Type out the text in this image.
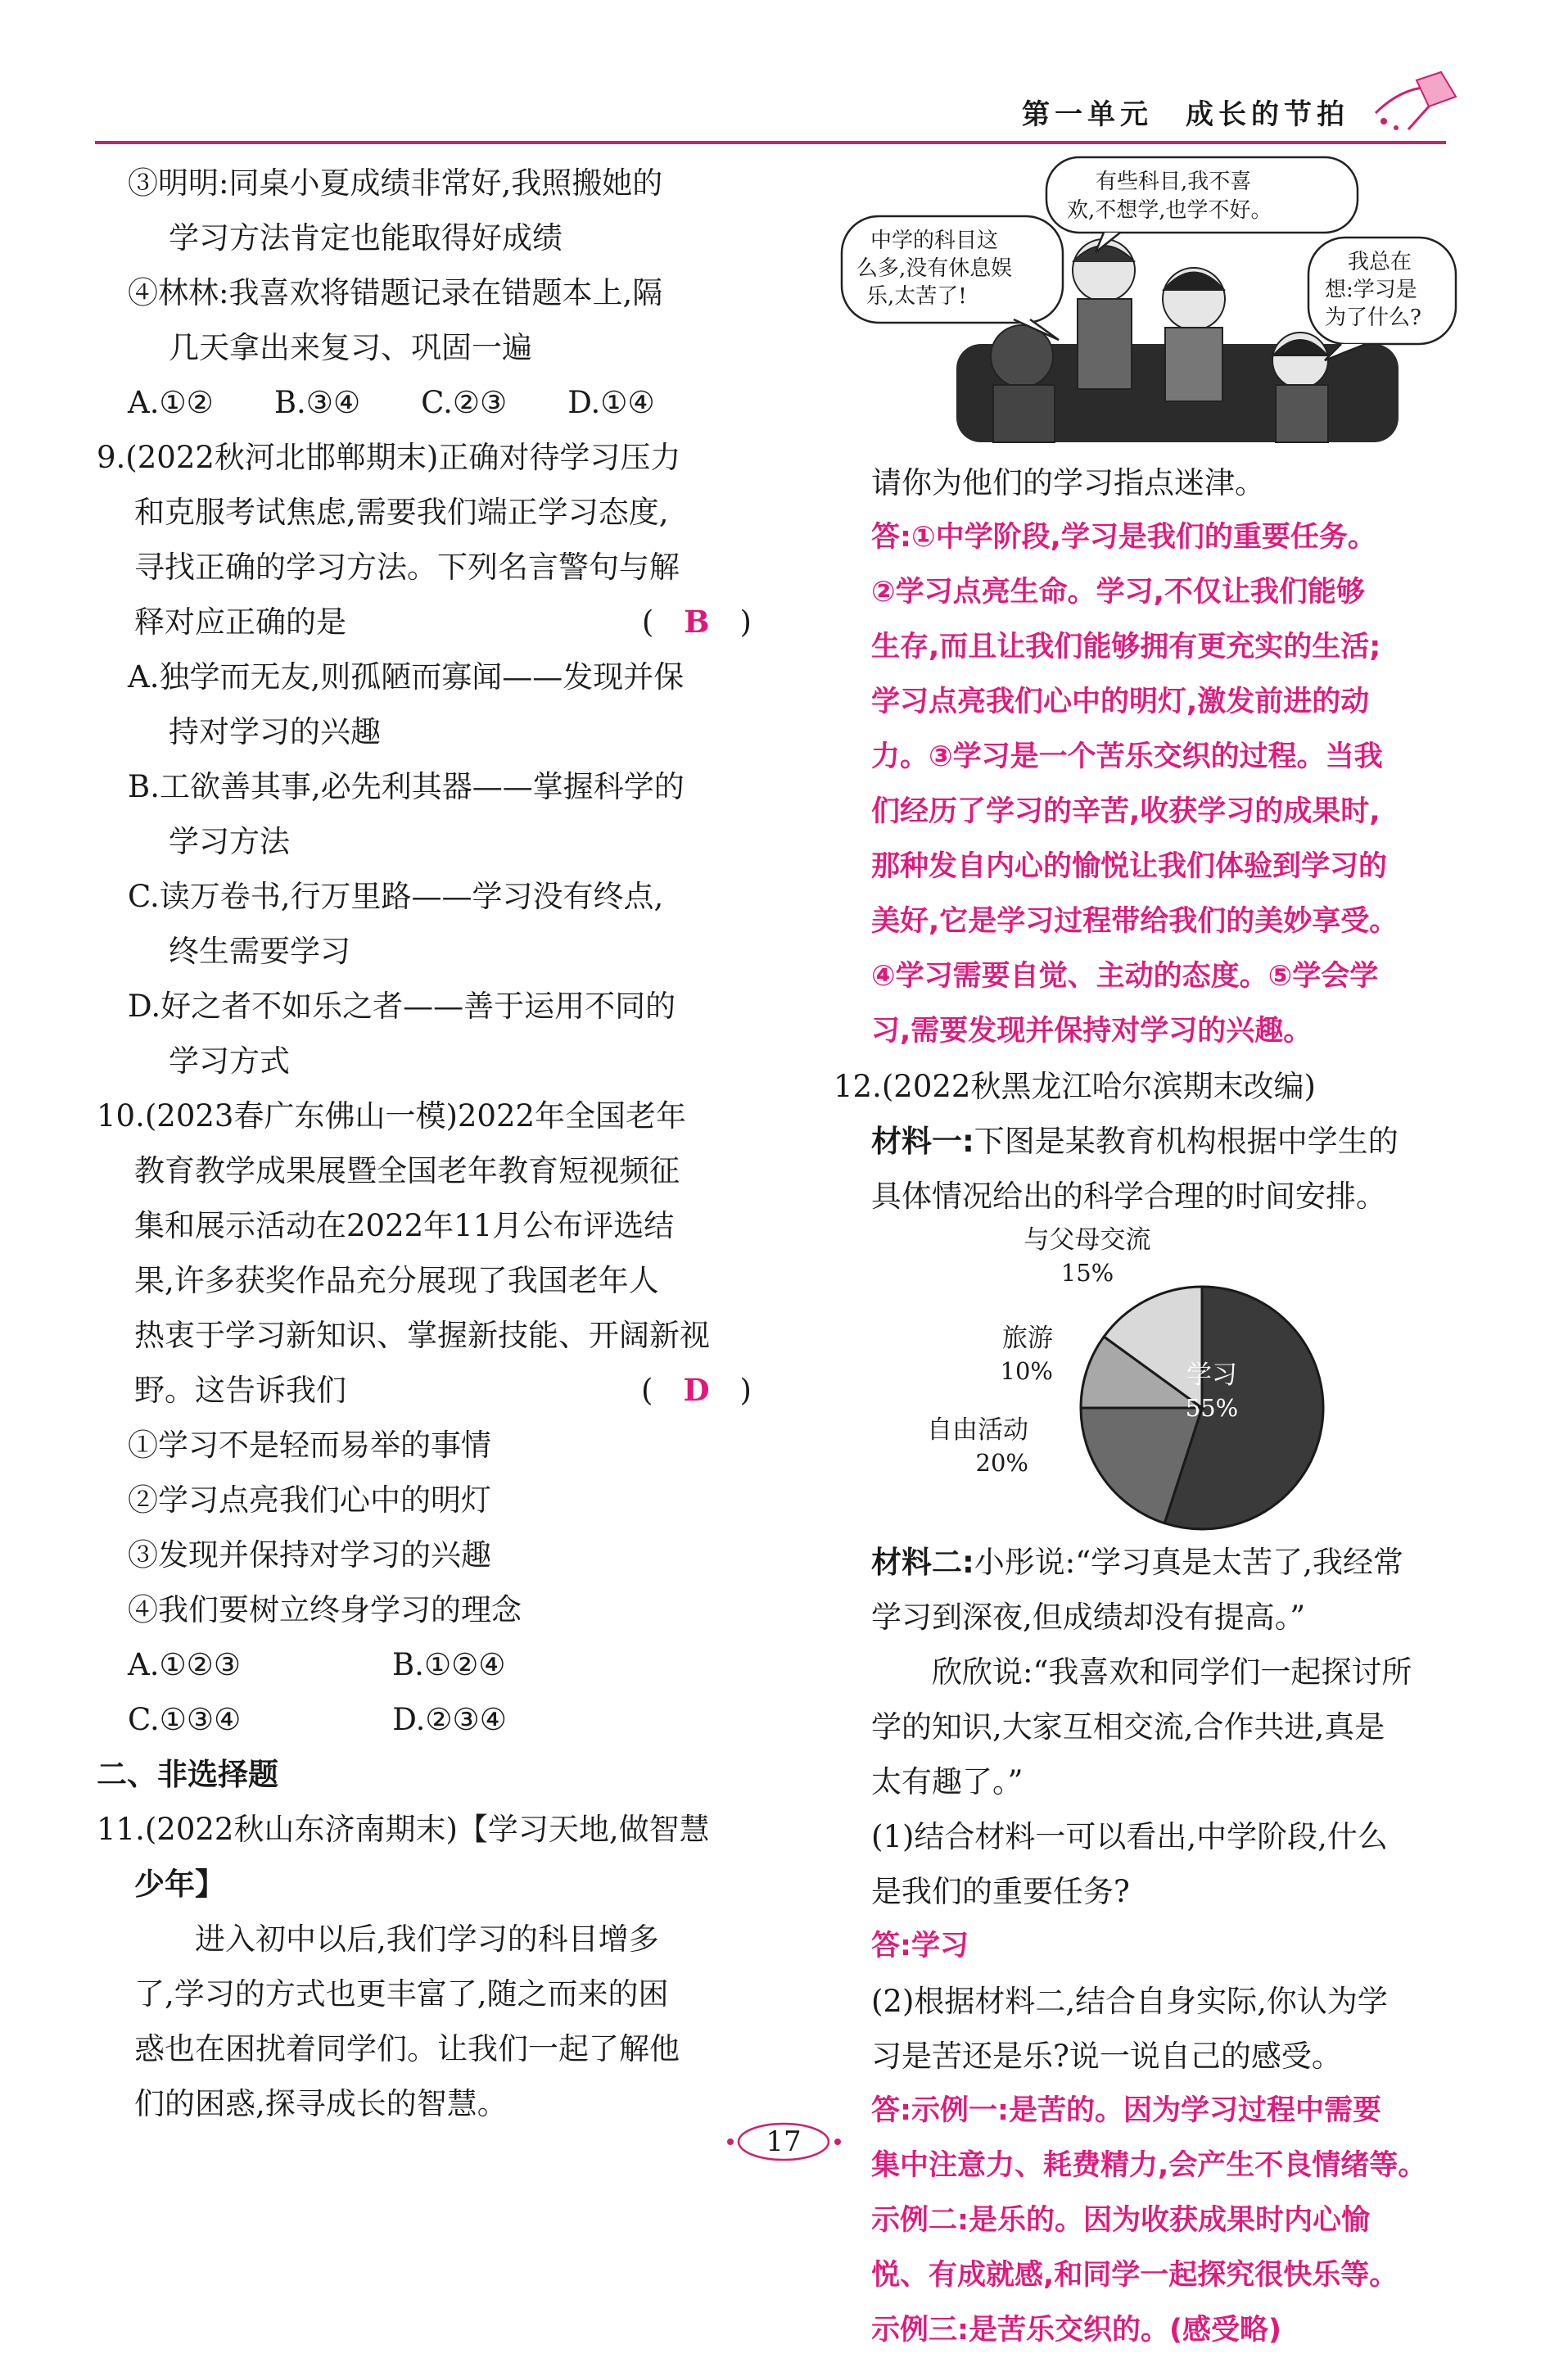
第一单元　成长的节拍
③明明:同桌小夏成绩非常好,我照搬她的
学习方法肯定也能取得好成绩
④林林:我喜欢将错题记录在错题本上,隔
几天拿出来复习、巩固一遍
A.①②　　B.③④　　C.②③　　D.①④
9.(2022秋河北邯郸期末)正确对待学习压力
和克服考试焦虑,需要我们端正学习态度,
寻找正确的学习方法。下列名言警句与解
释对应正确的是	(　B　)
A.独学而无友,则孤陋而寡闻——发现并保
持对学习的兴趣
B.工欲善其事,必先利其器——掌握科学的
学习方法
C.读万卷书,行万里路——学习没有终点,
终生需要学习
D.好之者不如乐之者——善于运用不同的
学习方式
10.(2023春广东佛山一模)2022年全国老年
教育教学成果展暨全国老年教育短视频征
集和展示活动在2022年11月公布评选结
果,许多获奖作品充分展现了我国老年人
热衷于学习新知识、掌握新技能、开阔新视
野。这告诉我们	(　D　)
①学习不是轻而易举的事情
②学习点亮我们心中的明灯
③发现并保持对学习的兴趣
④我们要树立终身学习的理念
A.①②③　　　　　B.①②④
C.①③④　　　　　D.②③④
二、非选择题
11.(2022秋山东济南期末)【学习天地,做智慧
少年】
　　进入初中以后,我们学习的科目增多
了,学习的方式也更丰富了,随之而来的困
惑也在困扰着同学们。让我们一起了解他
们的困惑,探寻成长的智慧。
有些科目,我不喜
欢,不想学,也学不好。
中学的科目这
么多,没有休息娱
乐,太苦了!
我总在
想:学习是
为了什么?
请你为他们的学习指点迷津。
答:①中学阶段,学习是我们的重要任务。
②学习点亮生命。学习,不仅让我们能够
生存,而且让我们能够拥有更充实的生活;
学习点亮我们心中的明灯,激发前进的动
力。③学习是一个苦乐交织的过程。当我
们经历了学习的辛苦,收获学习的成果时,
那种发自内心的愉悦让我们体验到学习的
美好,它是学习过程带给我们的美妙享受。
④学习需要自觉、主动的态度。⑤学会学
习,需要发现并保持对学习的兴趣。
12.(2022秋黑龙江哈尔滨期末改编)
材料一:下图是某教育机构根据中学生的
具体情况给出的科学合理的时间安排。
学习
55%
自由活动
20%
旅游
10%
与父母交流
15%
材料二:小彤说:“学习真是太苦了,我经常
学习到深夜,但成绩却没有提高。”
　　欣欣说:“我喜欢和同学们一起探讨所
学的知识,大家互相交流,合作共进,真是
太有趣了。”
(1)结合材料一可以看出,中学阶段,什么
是我们的重要任务?
答:学习
(2)根据材料二,结合自身实际,你认为学
习是苦还是乐?说一说自己的感受。
答:示例一:是苦的。因为学习过程中需要
集中注意力、耗费精力,会产生不良情绪等。
示例二:是乐的。因为收获成果时内心愉
悦、有成就感,和同学一起探究很快乐等。
示例三:是苦乐交织的。(感受略)
17
